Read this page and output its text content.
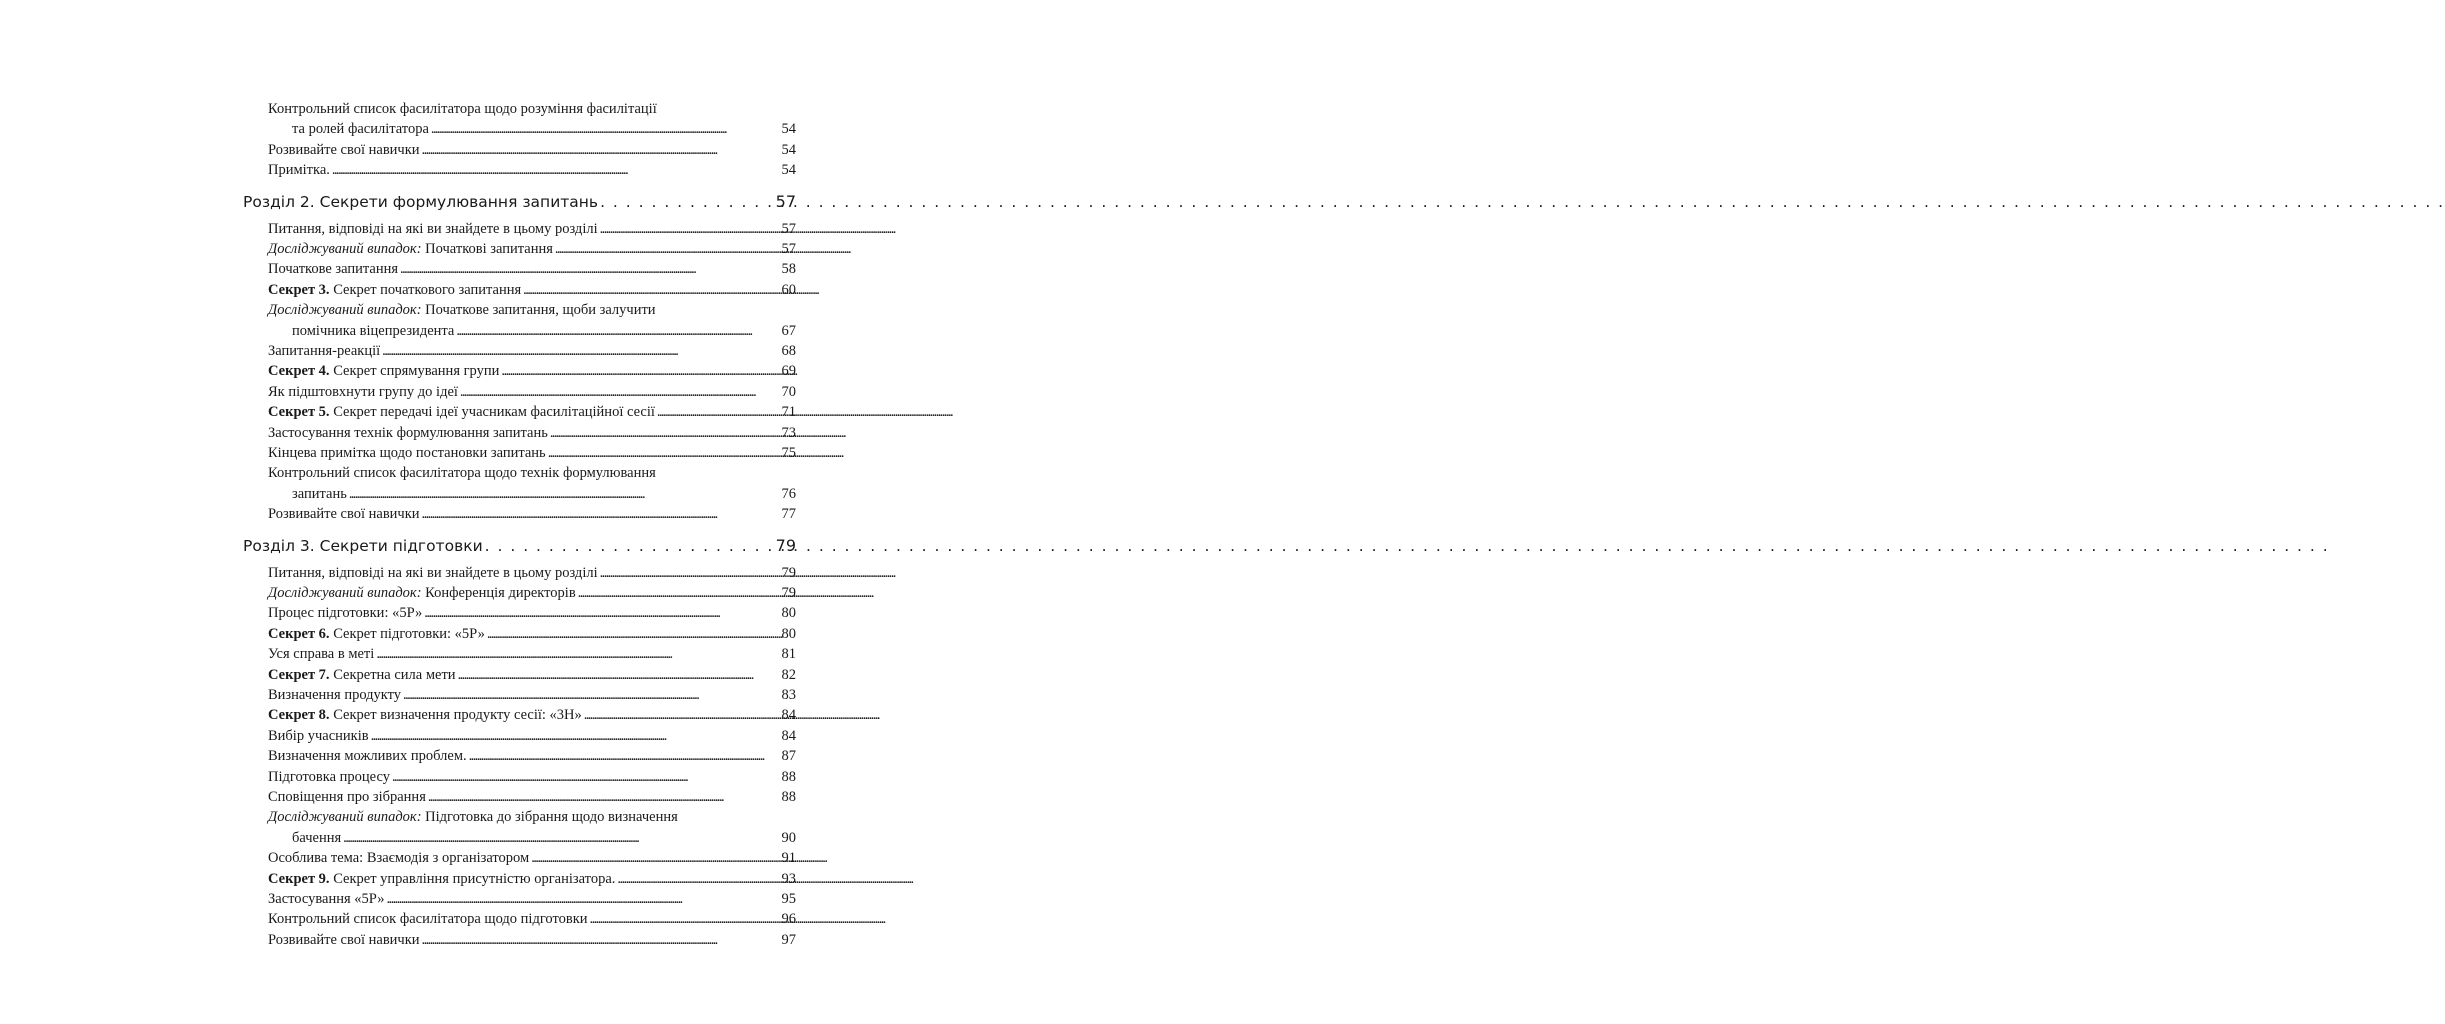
Контрольний список фасилітатора щодо розуміння фасилітації
та ролей фасилітатора . . .	54
Розвивайте свої навички . . .	54
Примітка. . . .	54
Розділ 2. Секрети формулювання запитань . . .	57
Питання, відповіді на які ви знайдете в цьому розділі . . .	57
Досліджуваний випадок: Початкові запитання . . .	57
Початкове запитання . . .	58
Секрет 3. Секрет початкового запитання . . .	60
Досліджуваний випадок: Початкове запитання, щоби залучити
помічника віцепрезидента . . .	67
Запитання-реакції . . .	68
Секрет 4. Секрет спрямування групи . . .	69
Як підштовхнути групу до ідеї . . .	70
Секрет 5. Секрет передачі ідеї учасникам фасилітаційної сесії . . .	71
Застосування технік формулювання запитань . . .	73
Кінцева примітка щодо постановки запитань . . .	75
Контрольний список фасилітатора щодо технік формулювання
запитань . . .	76
Розвивайте свої навички . . .	77
Розділ 3. Секрети підготовки . . .	79
Питання, відповіді на які ви знайдете в цьому розділі . . .	79
Досліджуваний випадок: Конференція директорів . . .	79
Процес підготовки: «5Р» . . .	80
Секрет 6. Секрет підготовки: «5Р» . . .	80
Уся справа в меті . . .	81
Секрет 7. Секретна сила мети . . .	82
Визначення продукту . . .	83
Секрет 8. Секрет визначення продукту сесії: «3Н» . . .	84
Вибір учасників . . .	84
Визначення можливих проблем. . . .	87
Підготовка процесу . . .	88
Сповіщення про зібрання . . .	88
Досліджуваний випадок: Підготовка до зібрання щодо визначення
бачення . . .	90
Особлива тема: Взаємодія з організатором . . .	91
Секрет 9. Секрет управління присутністю організатора. . . .	93
Застосування «5Р» . . .	95
Контрольний список фасилітатора щодо підготовки . . .	96
Розвивайте свої навички . . .	97
